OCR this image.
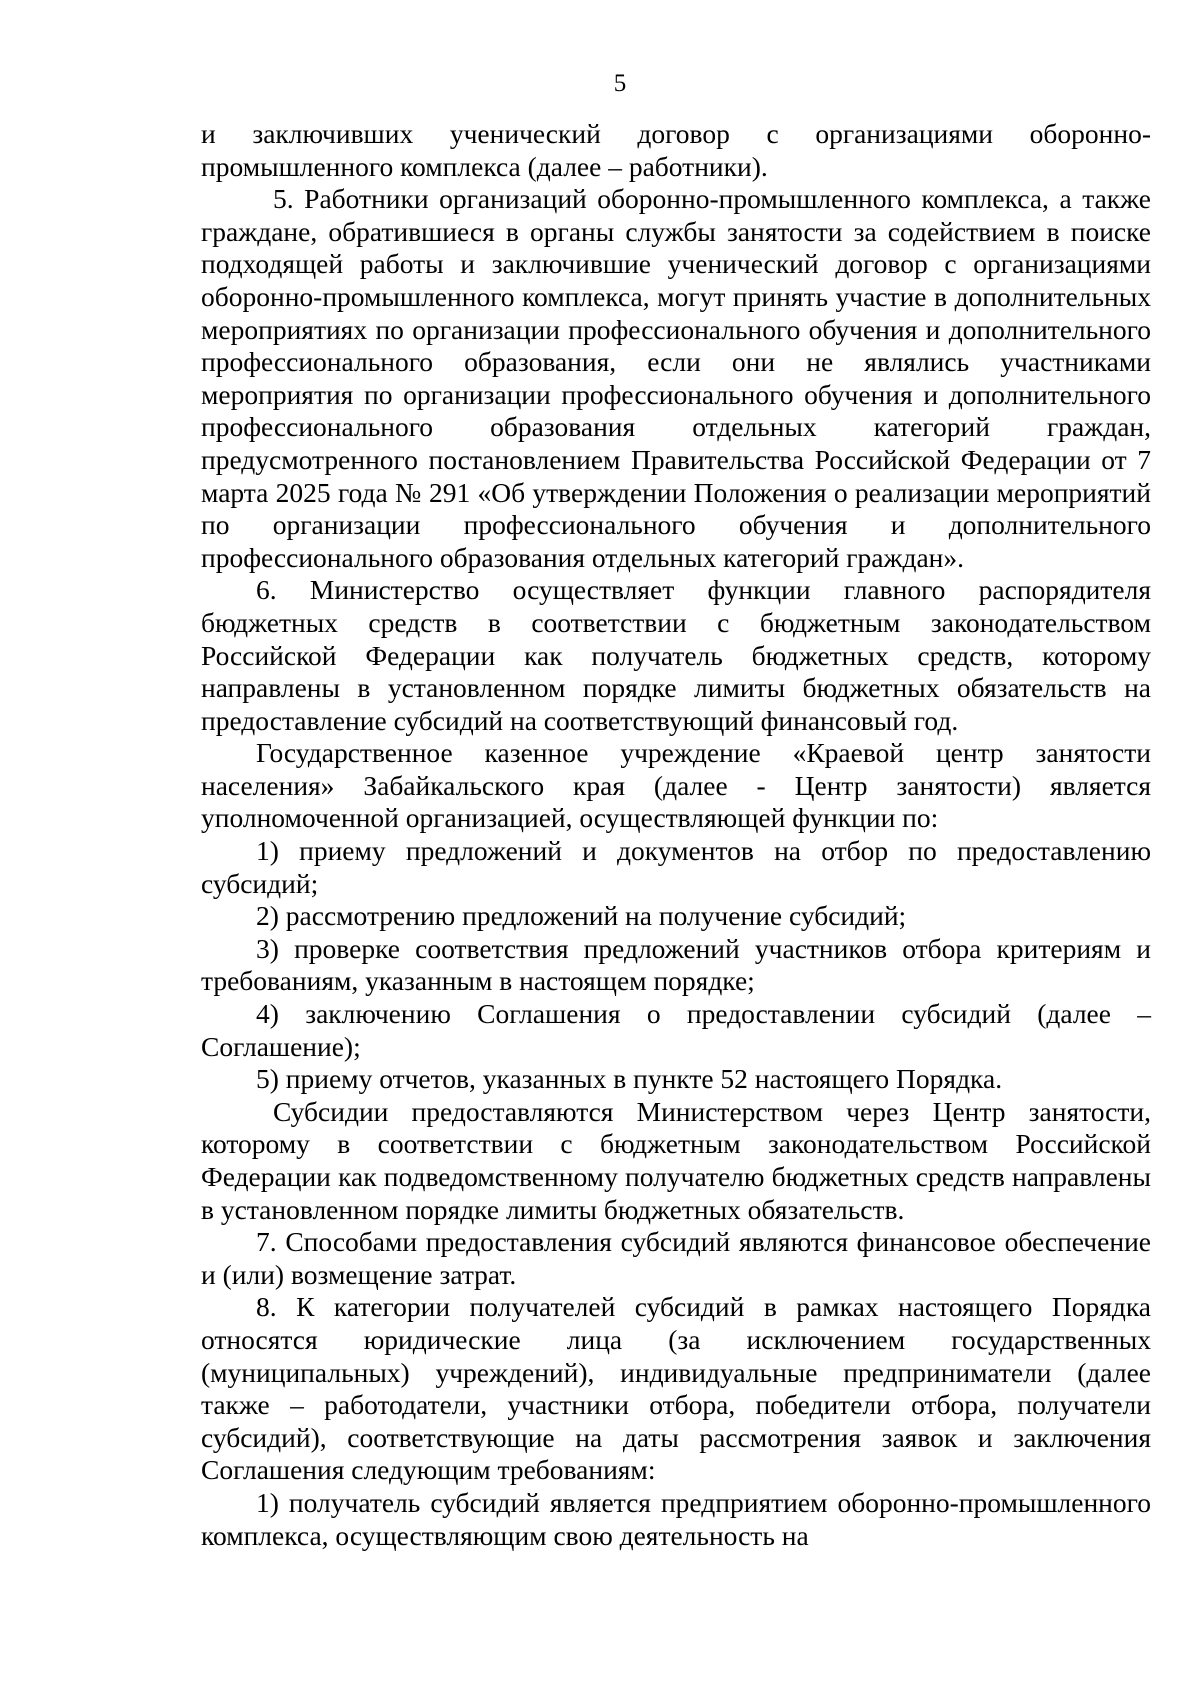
5

и заключивших ученический договор с организациями оборонно-промышленного комплекса (далее – работники).

5. Работники организаций оборонно-промышленного комплекса, а также граждане, обратившиеся в органы службы занятости за содействием в поиске подходящей работы и заключившие ученический договор с организациями оборонно-промышленного комплекса, могут принять участие в дополнительных мероприятиях по организации профессионального обучения и дополнительного профессионального образования, если они не являлись участниками мероприятия по организации профессионального обучения и дополнительного профессионального образования отдельных категорий граждан, предусмотренного постановлением Правительства Российской Федерации от 7 марта 2025 года № 291 «Об утверждении Положения о реализации мероприятий по организации профессионального обучения и дополнительного профессионального образования отдельных категорий граждан».

6. Министерство осуществляет функции главного распорядителя бюджетных средств в соответствии с бюджетным законодательством Российской Федерации как получатель бюджетных средств, которому направлены в установленном порядке лимиты бюджетных обязательств на предоставление субсидий на соответствующий финансовый год.

Государственное казенное учреждение «Краевой центр занятости населения» Забайкальского края (далее - Центр занятости) является уполномоченной организацией, осуществляющей функции по:

1) приему предложений и документов на отбор по предоставлению субсидий;

2) рассмотрению предложений на получение субсидий;

3) проверке соответствия предложений участников отбора критериям и требованиям, указанным в настоящем порядке;

4) заключению Соглашения о предоставлении субсидий (далее – Соглашение);

5) приему отчетов, указанных в пункте 52 настоящего Порядка.

Субсидии предоставляются Министерством через Центр занятости, которому в соответствии с бюджетным законодательством Российской Федерации как подведомственному получателю бюджетных средств направлены в установленном порядке лимиты бюджетных обязательств.

7. Способами предоставления субсидий являются финансовое обеспечение и (или) возмещение затрат.

8. К категории получателей субсидий в рамках настоящего Порядка относятся юридические лица (за исключением государственных (муниципальных) учреждений), индивидуальные предприниматели (далее также – работодатели, участники отбора, победители отбора, получатели субсидий), соответствующие на даты рассмотрения заявок и заключения Соглашения следующим требованиям:

1) получатель субсидий является предприятием оборонно-промышленного комплекса, осуществляющим свою деятельность на
